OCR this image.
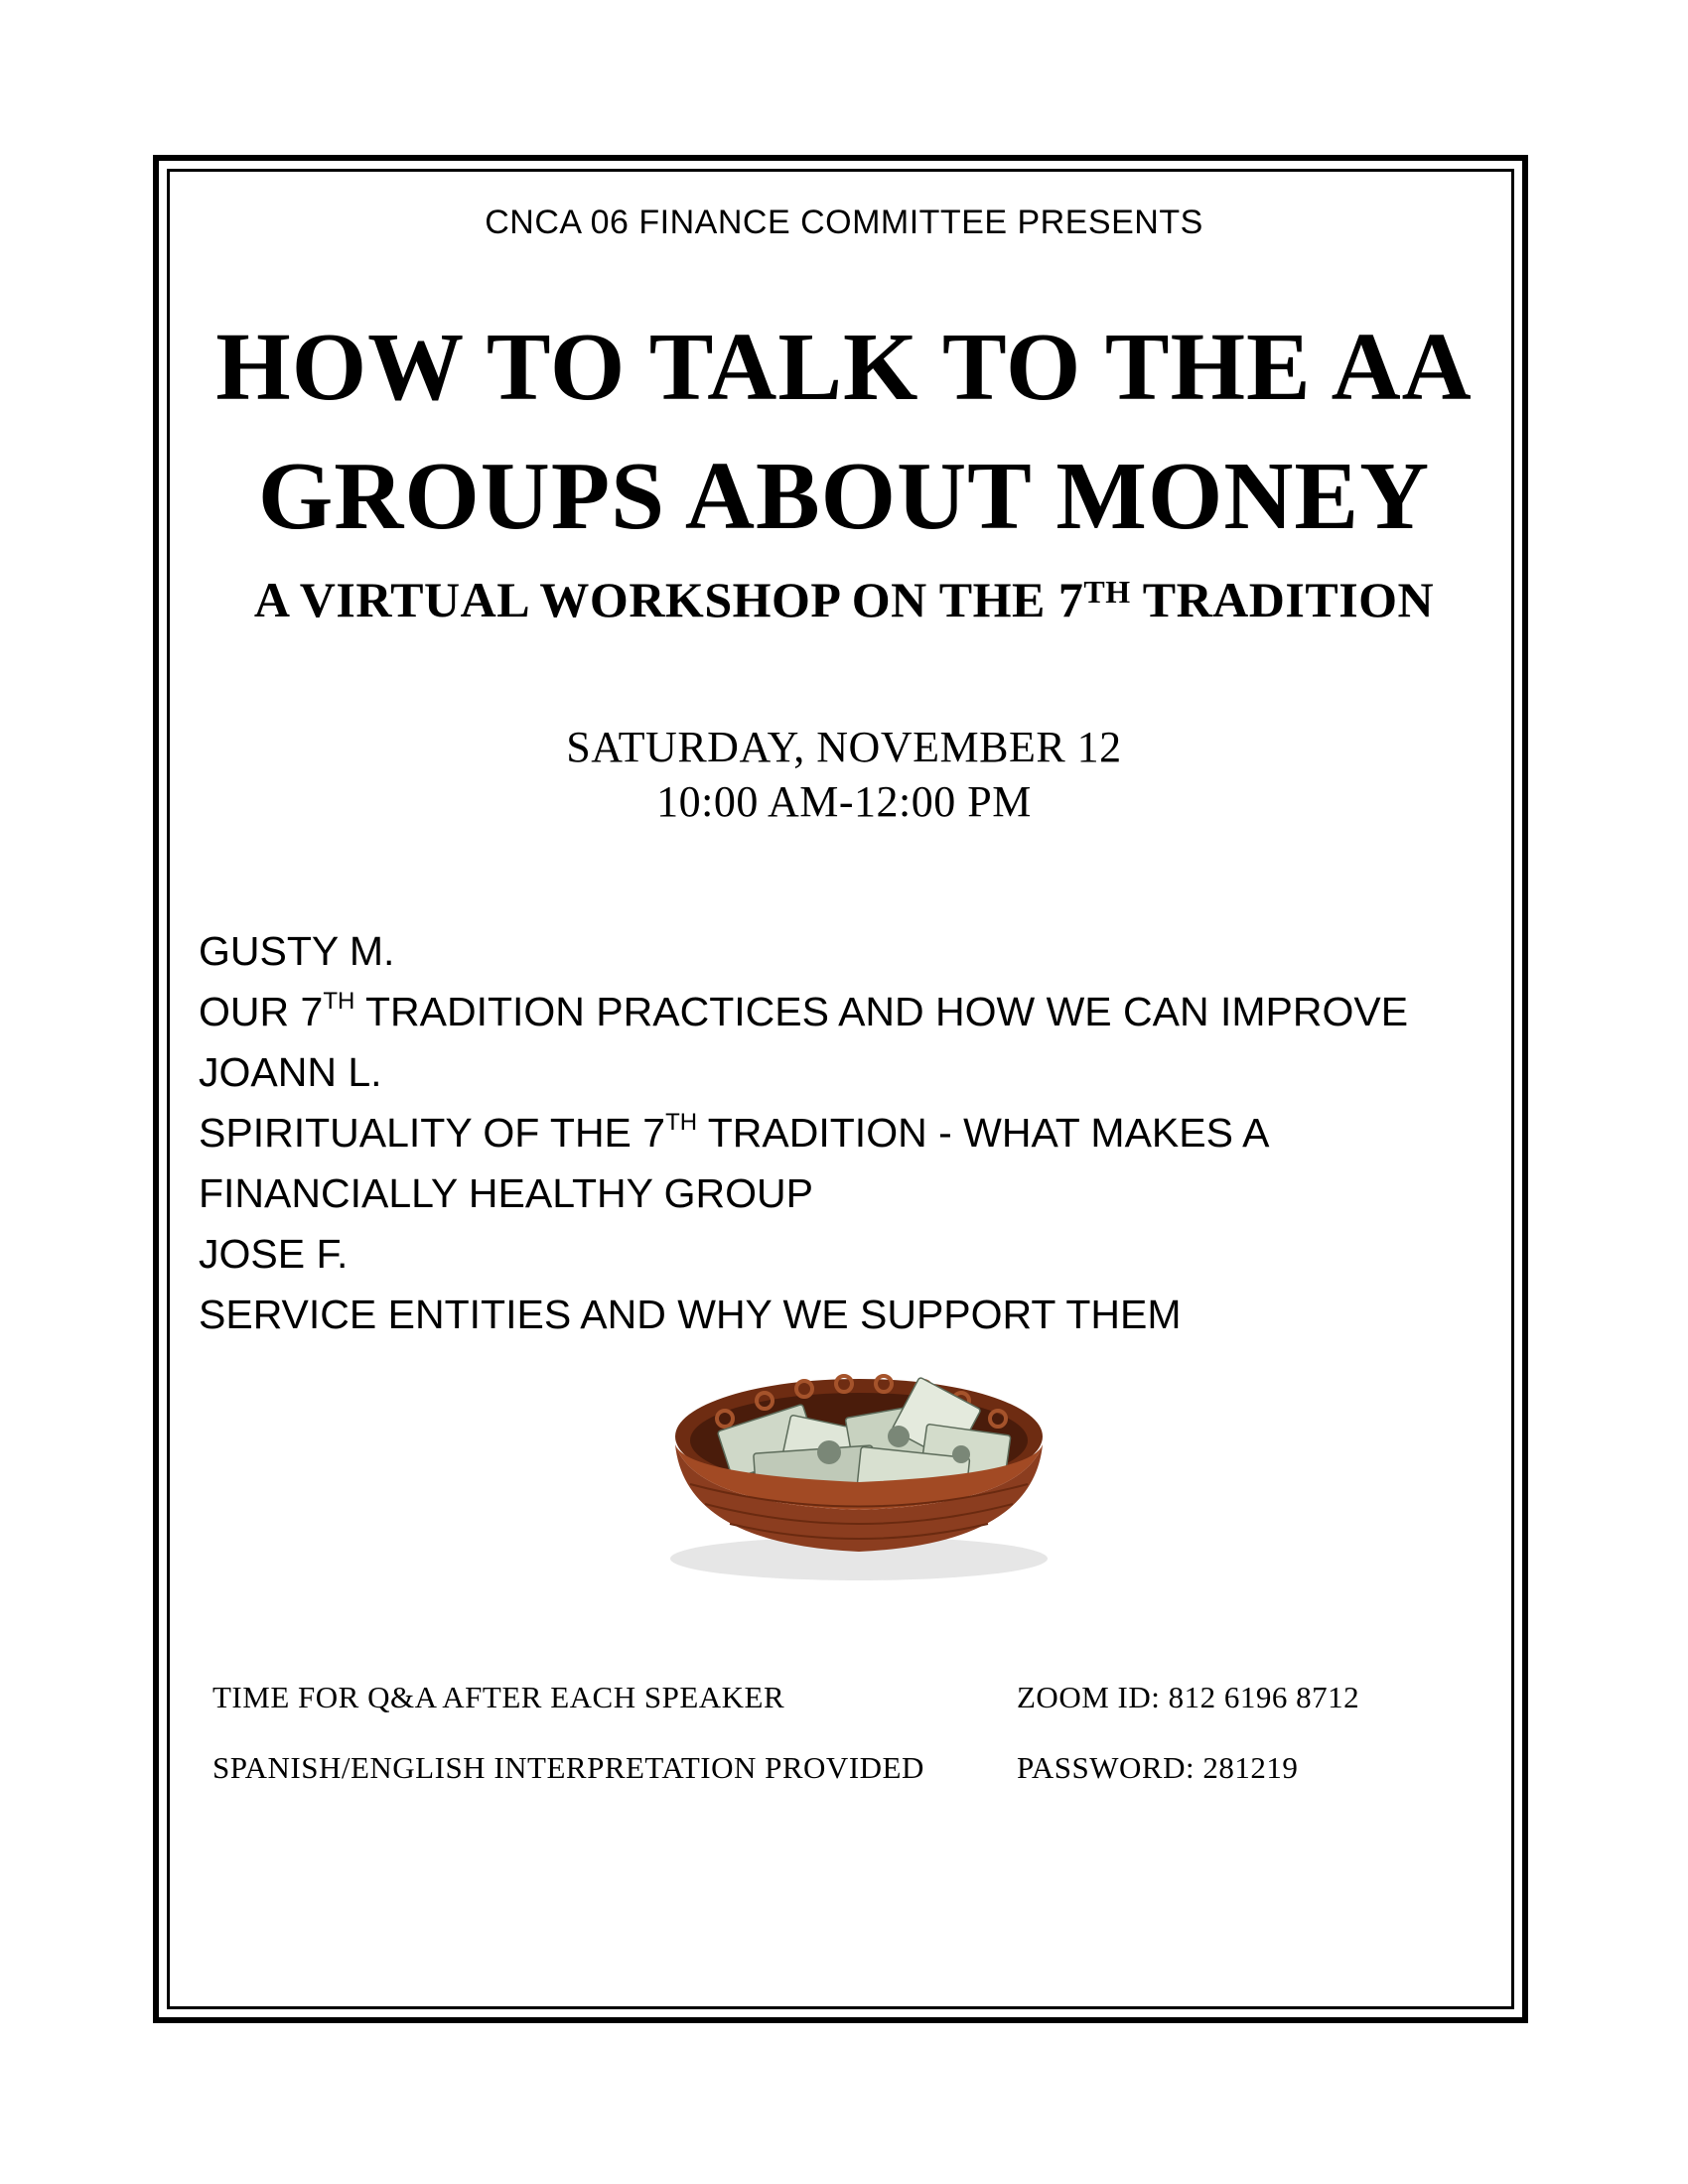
CNCA 06 FINANCE COMMITTEE PRESENTS
HOW TO TALK TO THE AA
GROUPS ABOUT MONEY
A VIRTUAL WORKSHOP ON THE 7TH TRADITION
SATURDAY, NOVEMBER 12
10:00 AM-12:00 PM
GUSTY M.
OUR 7TH TRADITION PRACTICES AND HOW WE CAN IMPROVE
JOANN L.
SPIRITUALITY OF THE 7TH TRADITION - WHAT MAKES A
FINANCIALLY HEALTHY GROUP
JOSE F.
SERVICE ENTITIES AND WHY WE SUPPORT THEM
TIME FOR Q&A AFTER EACH SPEAKER	ZOOM ID: 812 6196 8712
SPANISH/ENGLISH INTERPRETATION PROVIDED	PASSWORD: 281219
